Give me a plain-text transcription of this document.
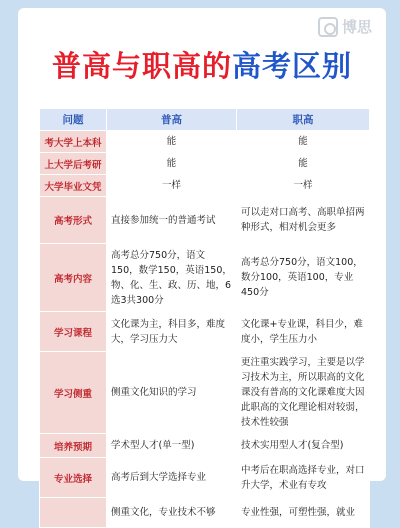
博思
普高与职高的高考区别
问题	普高	职高
考大学上本科	能	能
上大学后考研	能	能
大学毕业文凭	一样	一样
高考形式	直接参加统一的普通考试	可以走对口高考、高职单招两种形式，相对机会更多
高考内容	高考总分750分，语文150，数学150，英语150，物、化、生、政、历、地，6选3共300分	高考总分750分，语文100，数分100，英语100，专业450分
学习课程	文化课为主，科目多，难度大，学习压力大	文化课+专业课，科目少，难度小，学生压力小
学习侧重	侧重文化知识的学习	更注重实践学习，主要是以学习技术为主，所以职高的文化课没有普高的文化课难度大因此职高的文化理论相对较弱，技术性较强
培养预期	学术型人才(单一型)	技术实用型人才(复合型)
专业选择	高考后到大学选择专业	中考后在职高选择专业，对口升大学，术业有专攻
	侧重文化，专业技术不够	专业性强，可塑性强，就业
